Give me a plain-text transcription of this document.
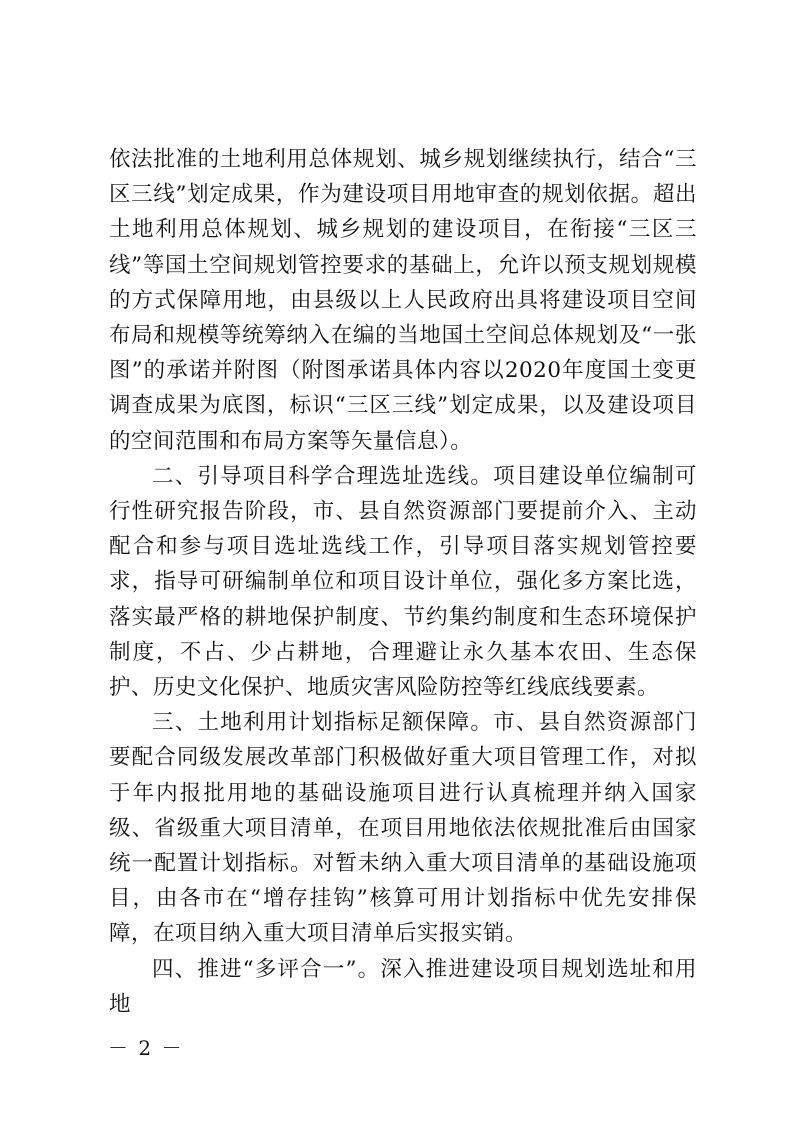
依法批准的土地利用总体规划、城乡规划继续执行，结合“三区三线”划定成果，作为建设项目用地审查的规划依据。超出土地利用总体规划、城乡规划的建设项目，在衔接“三区三线”等国土空间规划管控要求的基础上，允许以预支规划规模的方式保障用地，由县级以上人民政府出具将建设项目空间布局和规模等统筹纳入在编的当地国土空间总体规划及“一张图”的承诺并附图（附图承诺具体内容以2020年度国土变更调查成果为底图，标识“三区三线”划定成果，以及建设项目的空间范围和布局方案等矢量信息）。

二、引导项目科学合理选址选线。项目建设单位编制可行性研究报告阶段，市、县自然资源部门要提前介入、主动配合和参与项目选址选线工作，引导项目落实规划管控要求，指导可研编制单位和项目设计单位，强化多方案比选，落实最严格的耕地保护制度、节约集约制度和生态环境保护制度，不占、少占耕地，合理避让永久基本农田、生态保护、历史文化保护、地质灾害风险防控等红线底线要素。

三、土地利用计划指标足额保障。市、县自然资源部门要配合同级发展改革部门积极做好重大项目管理工作，对拟于年内报批用地的基础设施项目进行认真梳理并纳入国家级、省级重大项目清单，在项目用地依法依规批准后由国家统一配置计划指标。对暂未纳入重大项目清单的基础设施项目，由各市在“增存挂钩”核算可用计划指标中优先安排保障，在项目纳入重大项目清单后实报实销。

四、推进“多评合一”。深入推进建设项目规划选址和用地

－ 2 －
